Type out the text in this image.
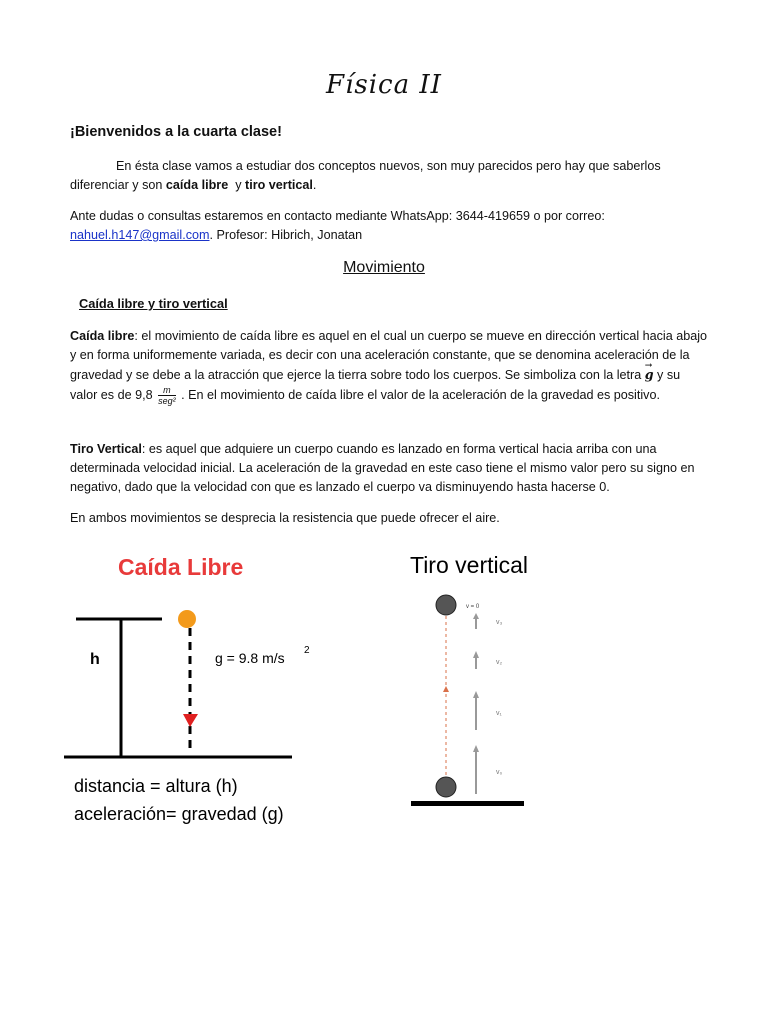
Física II
¡Bienvenidos a la cuarta clase!
En ésta clase vamos a estudiar dos conceptos nuevos, son muy parecidos pero hay que saberlos diferenciar y son caída libre  y tiro vertical.
Ante dudas o consultas estaremos en contacto mediante WhatsApp: 3644-419659 o por correo: nahuel.h147@gmail.com. Profesor: Hibrich, Jonatan
Movimiento
Caída libre y tiro vertical
Caída libre: el movimiento de caída libre es aquel en el cual un cuerpo se mueve en dirección vertical hacia abajo y en forma uniformemente variada, es decir con una aceleración constante, que se denomina aceleración de la gravedad y se debe a la atracción que ejerce la tierra sobre todo los cuerpos. Se simboliza con la letra → g y su valor es de $9,8 \frac{m}{\text{seg²}}$ . En el movimiento de caída libre el valor de la aceleración de la gravedad es positivo.
Tiro Vertical: es aquel que adquiere un cuerpo cuando es lanzado en forma vertical hacia arriba con una determinada velocidad inicial. La aceleración de la gravedad en este caso tiene el mismo valor pero su signo en negativo, dado que la velocidad con que es lanzado el cuerpo va disminuyendo hasta hacerse 0.
En ambos movimientos se desprecia la resistencia que puede ofrecer el aire.
Caída Libre
h	g = 9.8 m/s 2
distancia = altura (h)
aceleración= gravedad (g)
Tiro vertical
v = 0
v₃
v₂
v₁
v₀
